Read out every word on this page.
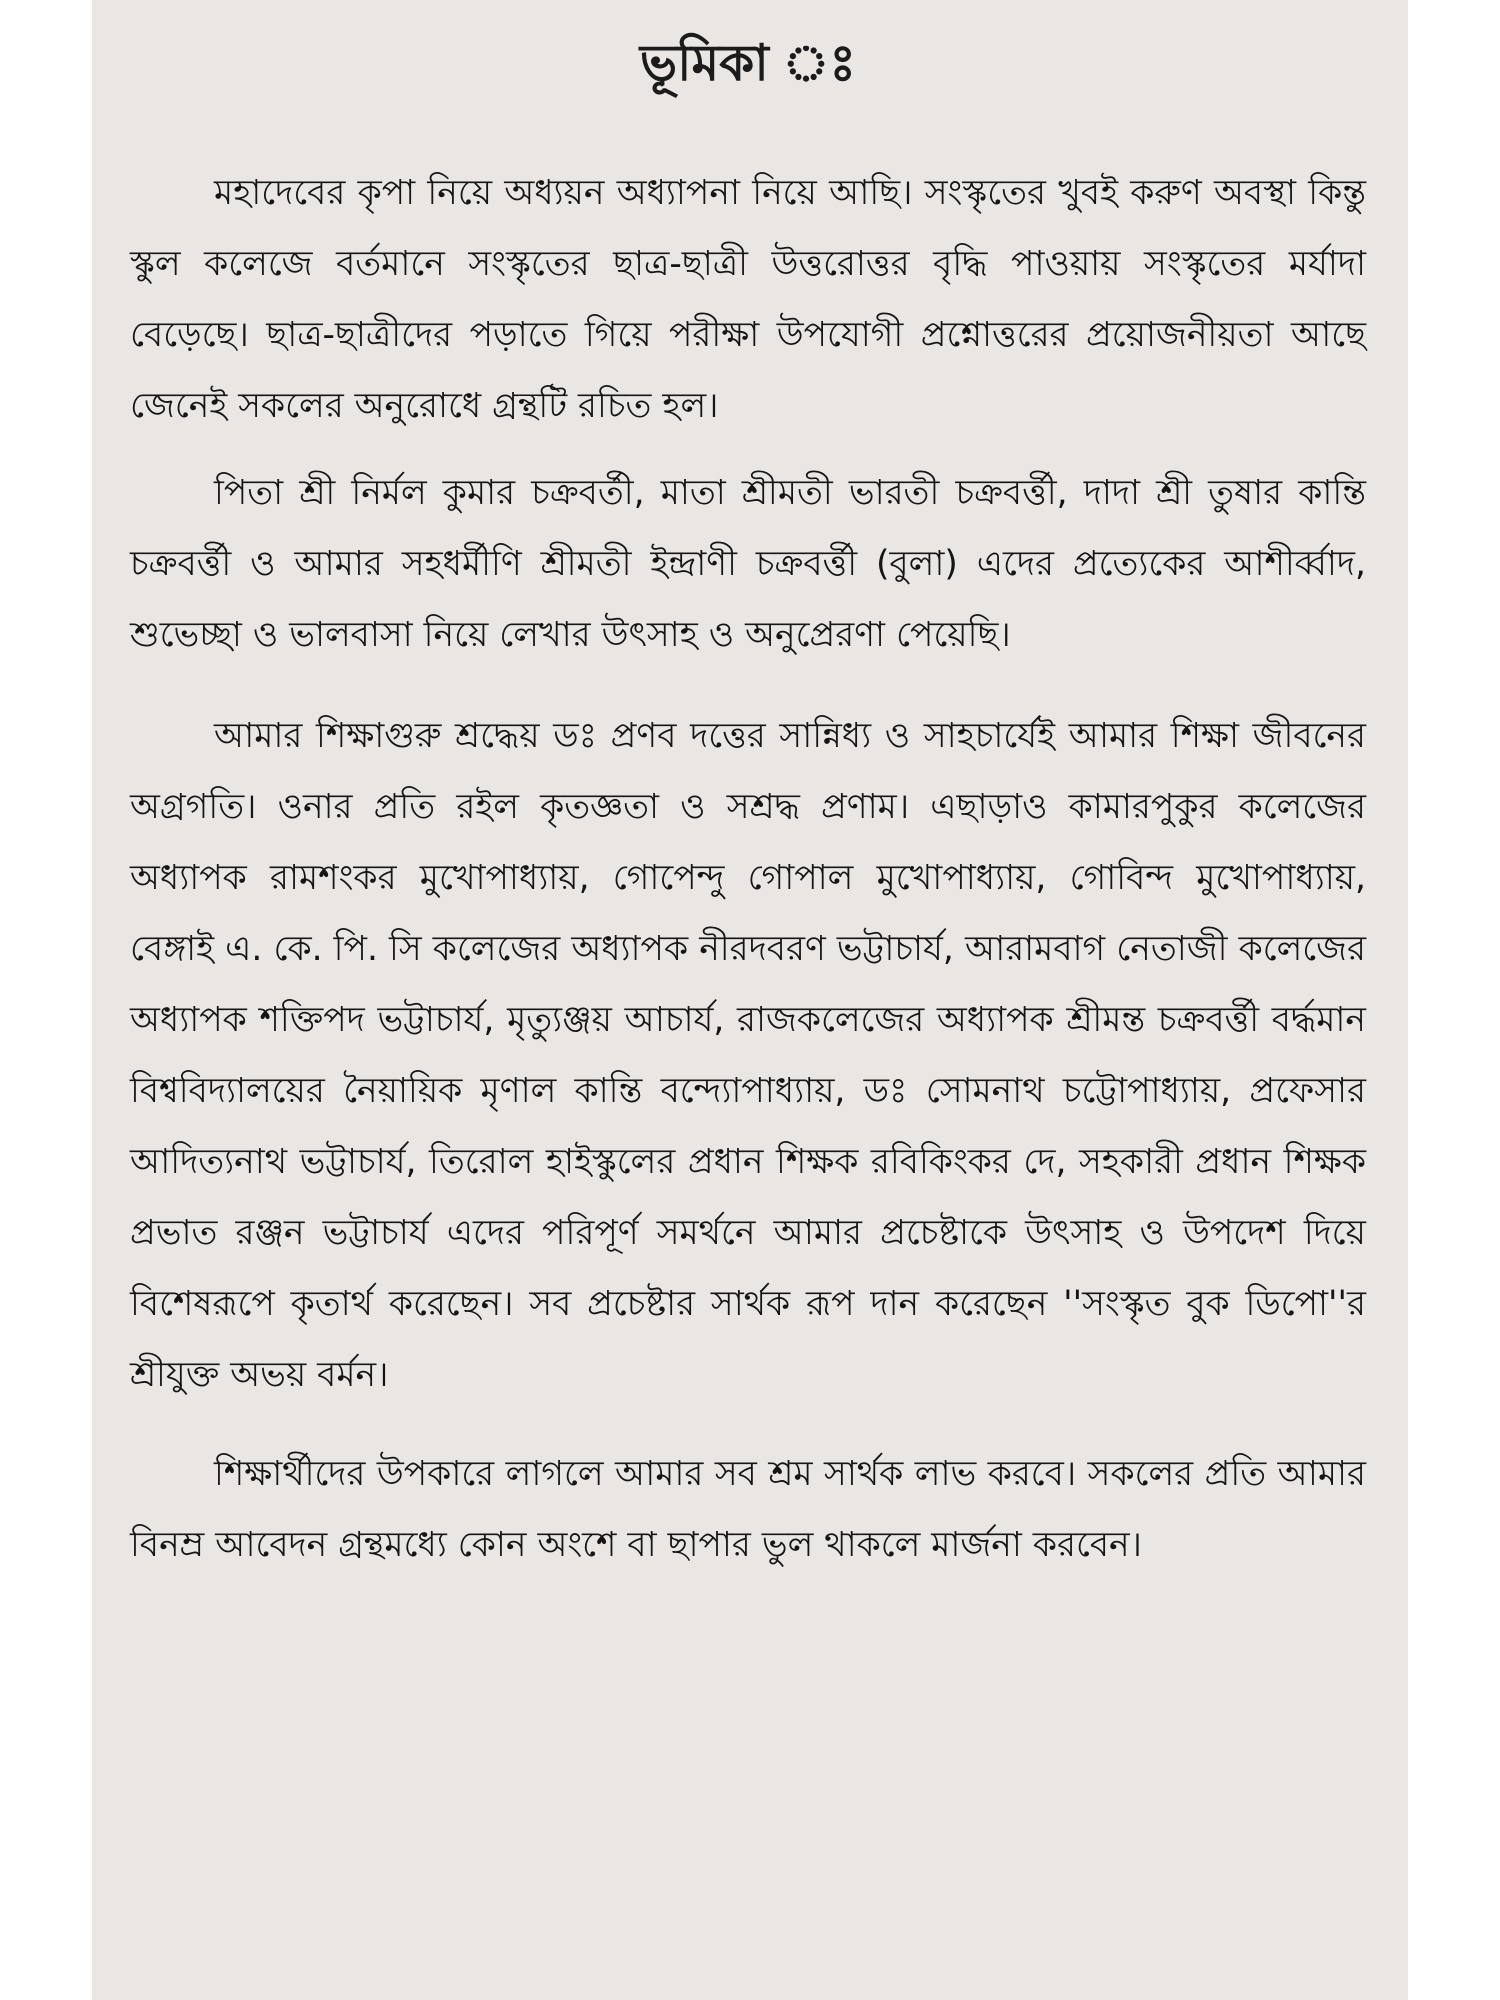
ভূমিকা ঃ

মহাদেবের কৃপা নিয়ে অধ্যয়ন অধ্যাপনা নিয়ে আছি। সংস্কৃতের খুবই করুণ অবস্থা কিন্তু স্কুল কলেজে বর্তমানে সংস্কৃতের ছাত্র-ছাত্রী উত্তরোত্তর বৃদ্ধি পাওয়ায় সংস্কৃতের মর্যাদা বেড়েছে। ছাত্র-ছাত্রীদের পড়াতে গিয়ে পরীক্ষা উপযোগী প্রশ্নোত্তরের প্রয়োজনীয়তা আছে জেনেই সকলের অনুরোধে গ্রন্থটি রচিত হল।

পিতা শ্রী নির্মল কুমার চক্রবর্তী, মাতা শ্রীমতী ভারতী চক্রবর্ত্তী, দাদা শ্রী তুষার কান্তি চক্রবর্ত্তী ও আমার সহধর্মীণি শ্রীমতী ইন্দ্রাণী চক্রবর্ত্তী (বুলা) এদের প্রত্যেকের আশীর্ব্বাদ, শুভেচ্ছা ও ভালবাসা নিয়ে লেখার উৎসাহ ও অনুপ্রেরণা পেয়েছি।

আমার শিক্ষাগুরু শ্রদ্ধেয় ডঃ প্রণব দত্তের সান্নিধ্য ও সাহচার্যেই আমার শিক্ষা জীবনের অগ্রগতি। ওনার প্রতি রইল কৃতজ্ঞতা ও সশ্রদ্ধ প্রণাম। এছাড়াও কামারপুকুর কলেজের অধ্যাপক রামশংকর মুখোপাধ্যায়, গোপেন্দু গোপাল মুখোপাধ্যায়, গোবিন্দ মুখোপাধ্যায়, বেঙ্গাই এ. কে. পি. সি কলেজের অধ্যাপক নীরদবরণ ভট্টাচার্য, আরামবাগ নেতাজী কলেজের অধ্যাপক শক্তিপদ ভট্টাচার্য, মৃত্যুঞ্জয় আচার্য, রাজকলেজের অধ্যাপক শ্রীমন্ত চক্রবর্ত্তী বর্দ্ধমান বিশ্ববিদ্যালয়ের নৈয়ায়িক মৃণাল কান্তি বন্দ্যোপাধ্যায়, ডঃ সোমনাথ চট্টোপাধ্যায়, প্রফেসার আদিত্যনাথ ভট্টাচার্য, তিরোল হাইস্কুলের প্রধান শিক্ষক রবিকিংকর দে, সহকারী প্রধান শিক্ষক প্রভাত রঞ্জন ভট্টাচার্য এদের পরিপূর্ণ সমর্থনে আমার প্রচেষ্টাকে উৎসাহ ও উপদেশ দিয়ে বিশেষরূপে কৃতার্থ করেছেন। সব প্রচেষ্টার সার্থক রূপ দান করেছেন ''সংস্কৃত বুক ডিপো''র শ্রীযুক্ত অভয় বর্মন।

শিক্ষার্থীদের উপকারে লাগলে আমার সব শ্রম সার্থক লাভ করবে। সকলের প্রতি আমার বিনম্র আবেদন গ্রন্থমধ্যে কোন অংশে বা ছাপার ভুল থাকলে মার্জনা করবেন।
